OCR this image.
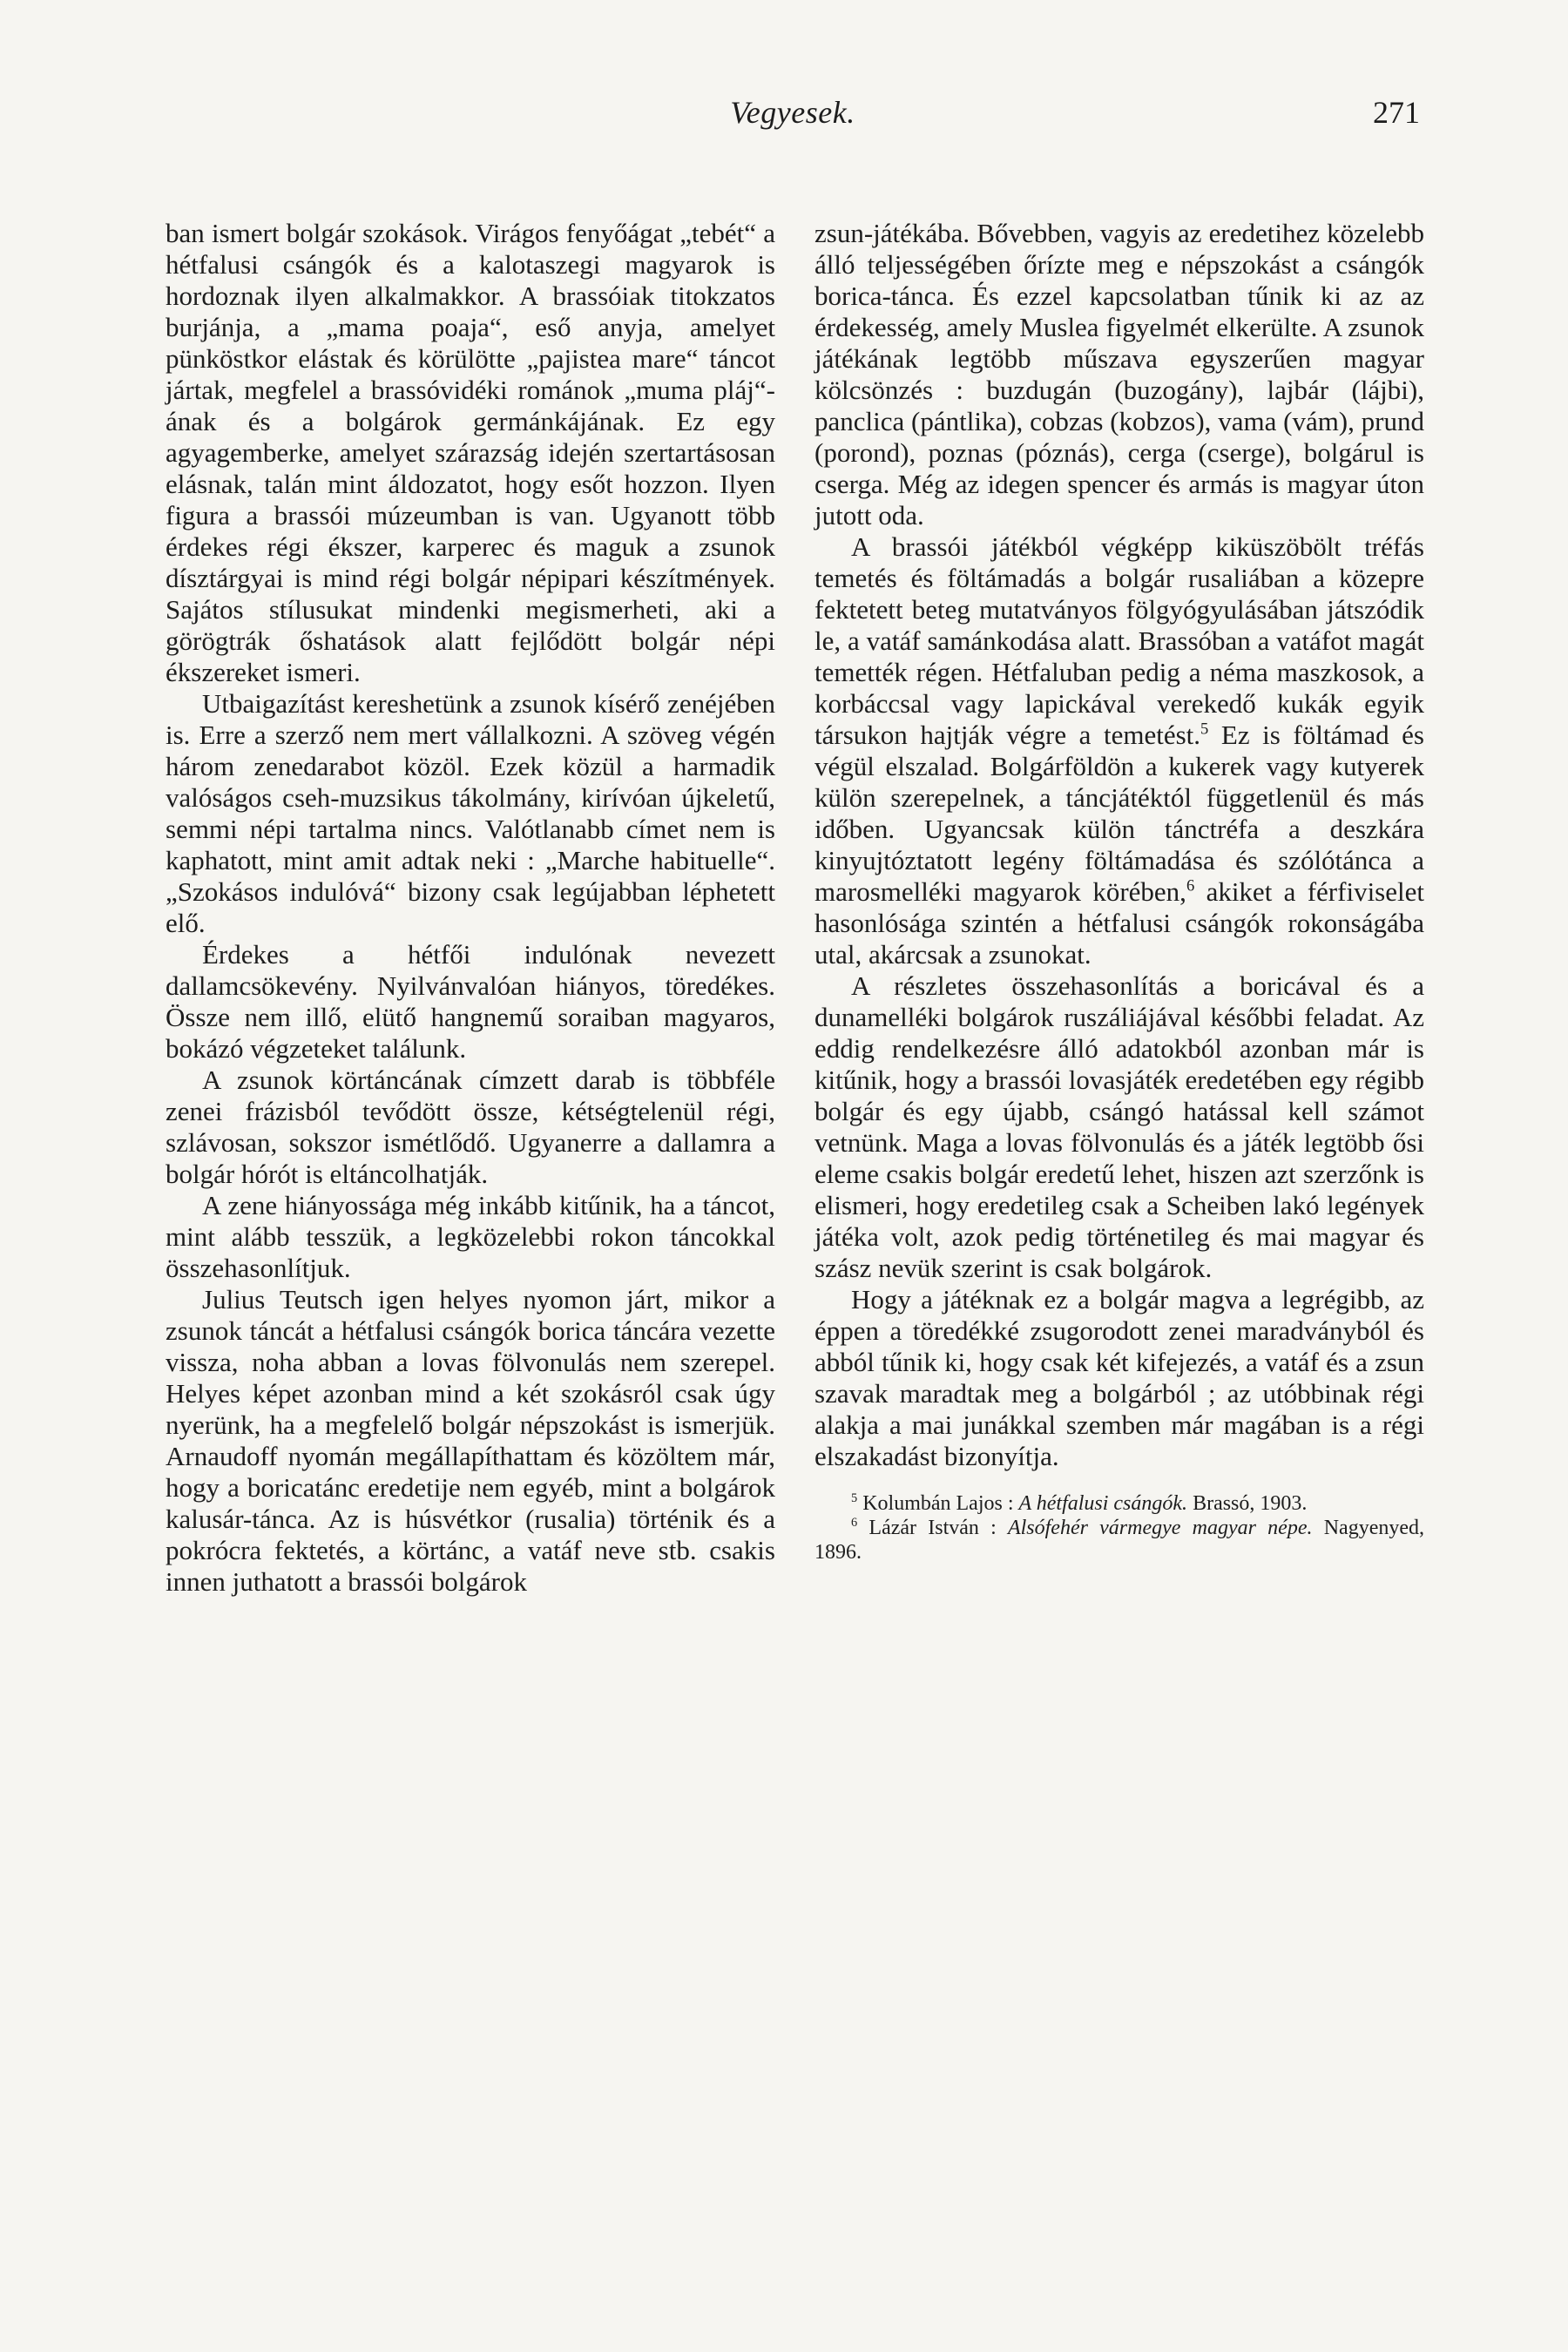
Vegyesek.	271

ban ismert bolgár szokások. Virágos fenyőágat „tebét“ a hétfalusi csángók és a kalotaszegi magyarok is hordoznak ilyen alkalmakkor. A brassóiak titokzatos burjánja, a „mama poaja“, eső anyja, amelyet pünköstkor elástak és körülötte „pajistea mare“ táncot jártak, megfelel a brassóvidéki románok „muma pláj“-ának és a bolgárok germánkájának. Ez egy agyagemberke, amelyet szárazság idején szertartásosan elásnak, talán mint áldozatot, hogy esőt hozzon. Ilyen figura a brassói múzeumban is van. Ugyanott több érdekes régi ékszer, karperec és maguk a zsunok dísztárgyai is mind régi bolgár népipari készítmények. Sajátos stílusukat mindenki megismerheti, aki a görögtrák őshatások alatt fejlődött bolgár népi ékszereket ismeri.

Utbaigazítást kereshetünk a zsunok kísérő zenéjében is. Erre a szerző nem mert vállalkozni. A szöveg végén három zenedarabot közöl. Ezek közül a harmadik valóságos cseh-muzsikus tákolmány, kirívóan újkeletű, semmi népi tartalma nincs. Valótlanabb címet nem is kaphatott, mint amit adtak neki : „Marche habituelle“. „Szokásos indulóvá“ bizony csak legújabban léphetett elő.

Érdekes a hétfői indulónak nevezett dallamcsökevény. Nyilvánvalóan hiányos, töredékes. Össze nem illő, elütő hangnemű soraiban magyaros, bokázó végzeteket találunk.

A zsunok körtáncának címzett darab is többféle zenei frázisból tevődött össze, kétségtelenül régi, szlávosan, sokszor ismétlődő. Ugyanerre a dallamra a bolgár hórót is eltáncolhatják.

A zene hiányossága még inkább kitűnik, ha a táncot, mint alább tesszük, a legközelebbi rokon táncokkal összehasonlítjuk.

Julius Teutsch igen helyes nyomon járt, mikor a zsunok táncát a hétfalusi csángók borica táncára vezette vissza, noha abban a lovas fölvonulás nem szerepel. Helyes képet azonban mind a két szokásról csak úgy nyerünk, ha a megfelelő bolgár népszokást is ismerjük. Arnaudoff nyomán megállapíthattam és közöltem már, hogy a boricatánc eredetije nem egyéb, mint a bolgárok kalusár-tánca. Az is húsvétkor (rusalia) történik és a pokrócra fektetés, a körtánc, a vatáf neve stb. csakis innen juthatott a brassói bolgárok

zsun-játékába. Bővebben, vagyis az eredetihez közelebb álló teljességében őrízte meg e népszokást a csángók borica-tánca. És ezzel kapcsolatban tűnik ki az az érdekesség, amely Muslea figyelmét elkerülte. A zsunok játékának legtöbb műszava egyszerűen magyar kölcsönzés : buzdugán (buzogány), lajbár (lájbi), panclica (pántlika), cobzas (kobzos), vama (vám), prund (porond), poznas (póznás), cerga (cserge), bolgárul is cserga. Még az idegen spencer és armás is magyar úton jutott oda.

A brassói játékból végképp kiküszöbölt tréfás temetés és föltámadás a bolgár rusaliában a közepre fektetett beteg mutatványos fölgyógyulásában játszódik le, a vatáf samánkodása alatt. Brassóban a vatáfot magát temették régen. Hétfaluban pedig a néma maszkosok, a korbáccsal vagy lapickával verekedő kukák egyik társukon hajtják végre a temetést.$^5$ Ez is föltámad és végül elszalad. Bolgárföldön a kukerek vagy kutyerek külön szerepelnek, a táncjátéktól függetlenül és más időben. Ugyancsak külön tánctréfa a deszkára kinyujtóztatott legény föltámadása és szólótánca a marosmelléki magyarok körében,$^6$ akiket a férfiviselet hasonlósága szintén a hétfalusi csángók rokonságába utal, akárcsak a zsunokat.

A részletes összehasonlítás a boricával és a dunamelléki bolgárok ruszáliájával későbbi feladat. Az eddig rendelkezésre álló adatokból azonban már is kitűnik, hogy a brassói lovasjáték eredetében egy régibb bolgár és egy újabb, csángó hatással kell számot vetnünk. Maga a lovas fölvonulás és a játék legtöbb ősi eleme csakis bolgár eredetű lehet, hiszen azt szerzőnk is elismeri, hogy eredetileg csak a Scheiben lakó legények játéka volt, azok pedig történetileg és mai magyar és szász nevük szerint is csak bolgárok.

Hogy a játéknak ez a bolgár magva a legrégibb, az éppen a töredékké zsugorodott zenei maradványból és abból tűnik ki, hogy csak két kifejezés, a vatáf és a zsun szavak maradtak meg a bolgárból ; az utóbbinak régi alakja a mai junákkal szemben már magában is a régi elszakadást bizonyítja.

$^5$ Kolumbán Lajos : A hétfalusi csángók. Brassó, 1903.

$^6$ Lázár István : Alsófehér vármegye magyar népe. Nagyenyed, 1896.
